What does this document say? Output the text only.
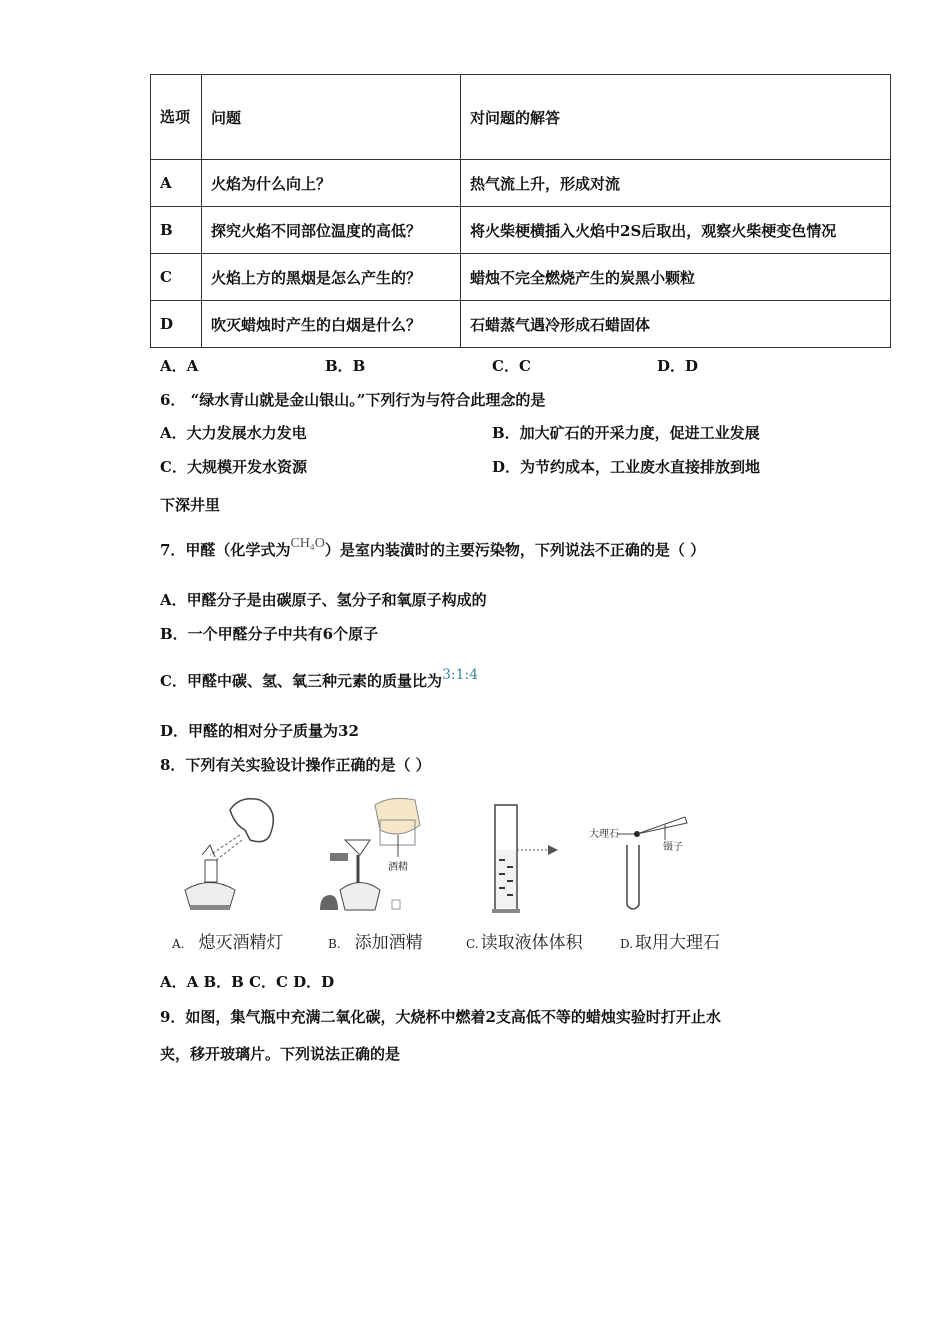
选项	问题	对问题的解答
A	火焰为什么向上？	热气流上升，形成对流
B	探究火焰不同部位温度的高低？	将火柴梗横插入火焰中2S后取出，观察火柴梗变色情况
C	火焰上方的黑烟是怎么产生的？	蜡烛不完全燃烧产生的炭黑小颗粒
D	吹灭蜡烛时产生的白烟是什么？	石蜡蒸气遇冷形成石蜡固体
A．A	B．B	C．C	D．D
6． “绿水青山就是金山银山。”下列行为与符合此理念的是
A．大力发展水力发电	B．加大矿石的开采力度，促进工业发展
C．大规模开发水资源	D．为节约成本，工业废水直接排放到地
下深井里
7．甲醛（化学式为CH₄O）是室内装潢时的主要污染物，下列说法不正确的是（ ）
A．甲醛分子是由碳原子、氢分子和氧原子构成的
B．一个甲醛分子中共有6个原子
C．甲醛中碳、氢、氧三种元素的质量比为3:1:4
D．甲醛的相对分子质量为32
8．下列有关实验设计操作正确的是（ ）
酒精
大理石
镊子
A. 熄灭酒精灯	B. 添加酒精	C. 读取液体体积	D. 取用大理石
A．A B．B C．C D．D
9．如图，集气瓶中充满二氧化碳，大烧杯中燃着2支高低不等的蜡烛实验时打开止水
夹，移开玻璃片。下列说法正确的是
